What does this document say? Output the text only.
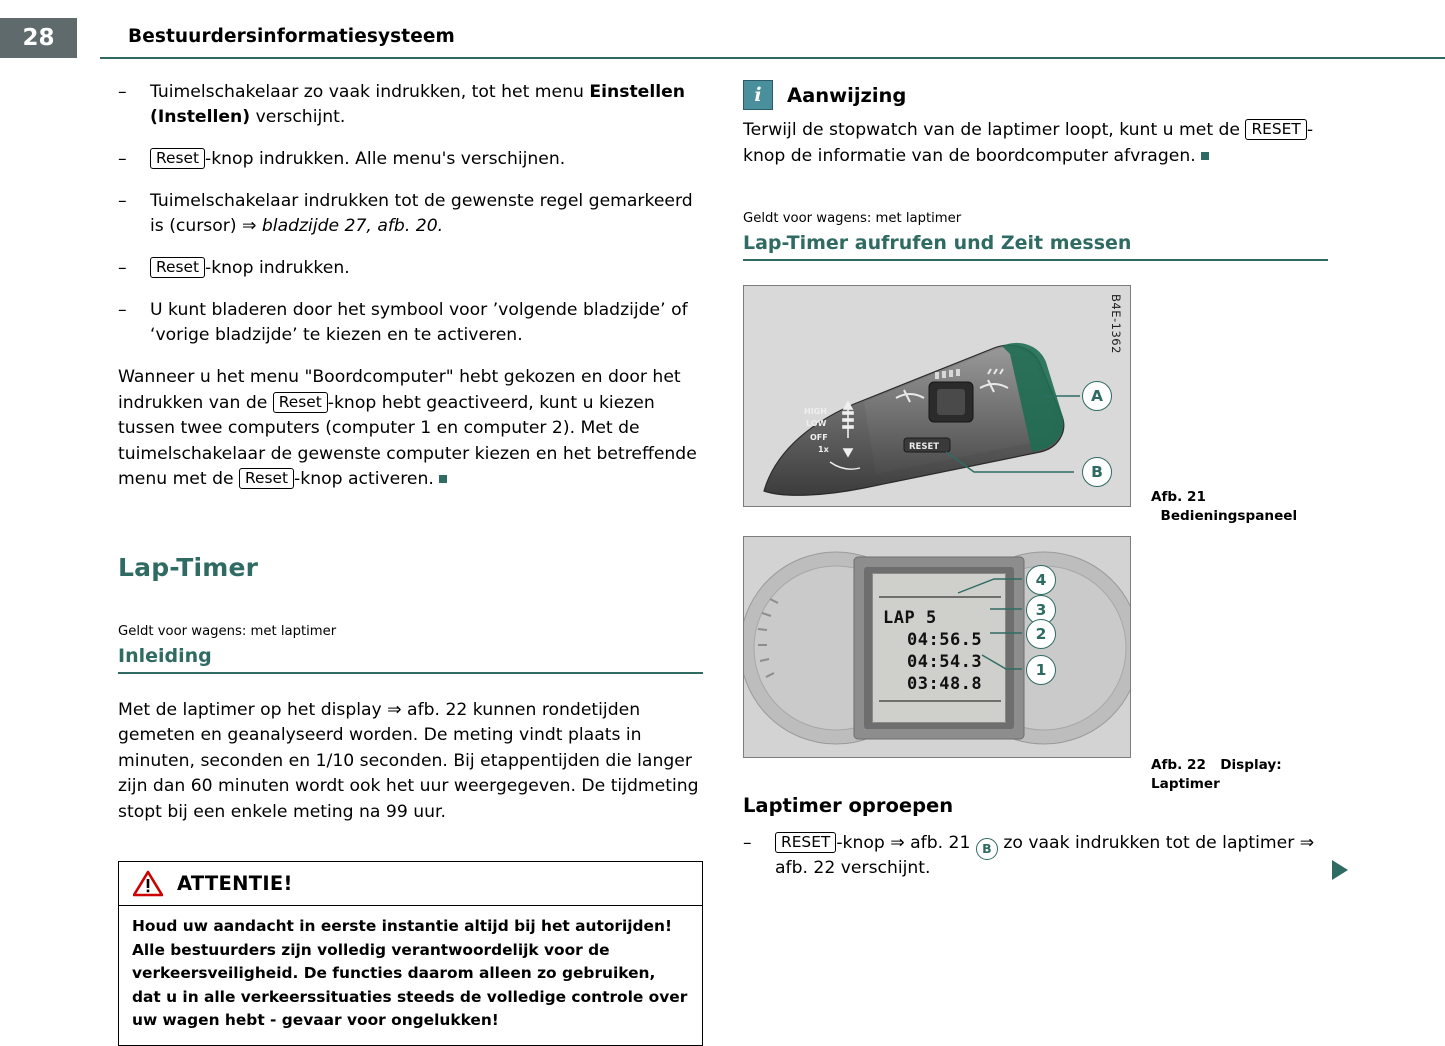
28	Bestuurdersinformatiesysteem
–	Tuimelschakelaar zo vaak indrukken, tot het menu Einstellen (Instellen) verschijnt.
–	Reset -knop indrukken. Alle menu's verschijnen.
–	Tuimelschakelaar indrukken tot de gewenste regel gemarkeerd is (cursor) ⇒ bladzijde 27, afb. 20.
–	Reset -knop indrukken.
–	U kunt bladeren door het symbool voor ’volgende bladzijde’ of ‘vorige bladzijde’ te kiezen en te activeren.

Wanneer u het menu "Boordcomputer" hebt gekozen en door het indrukken van de Reset -knop hebt geactiveerd, kunt u kiezen tussen twee computers (computer 1 en computer 2). Met de tuimelschakelaar de gewenste computer kiezen en het betreffende menu met de Reset -knop activeren.

Lap-Timer

Geldt voor wagens: met laptimer

Inleiding

Met de laptimer op het display ⇒ afb. 22 kunnen rondetijden gemeten en geanalyseerd worden. De meting vindt plaats in minuten, seconden en 1/10 seconden. Bij etappentijden die langer zijn dan 60 minuten wordt ook het uur weergegeven. De tijdmeting stopt bij een enkele meting na 99 uur.

ATTENTIE!
Houd uw aandacht in eerste instantie altijd bij het autorijden! Alle bestuurders zijn volledig verantwoordelijk voor de verkeersveiligheid. De functies daarom alleen zo gebruiken, dat u in alle verkeerssituaties steeds de volledige controle over uw wagen hebt - gevaar voor ongelukken!
i	Aanwijzing

Terwijl de stopwatch van de laptimer loopt, kunt u met de RESET -knop de informatie van de boordcomputer afvragen.

Geldt voor wagens: met laptimer

Lap-Timer aufrufen und Zeit messen
B4E-1362
HIGH
LOW
OFF
1x	RESET
A
B
Afb. 21   Bedieningspaneel
LAP 5
04:56.5
04:54.3
03:48.8
4
3
2
1
Afb. 22 Display: Laptimer
Laptimer oproepen
–	RESET -knop ⇒ afb. 21 B zo vaak indrukken tot de laptimer ⇒ afb. 22 verschijnt.
